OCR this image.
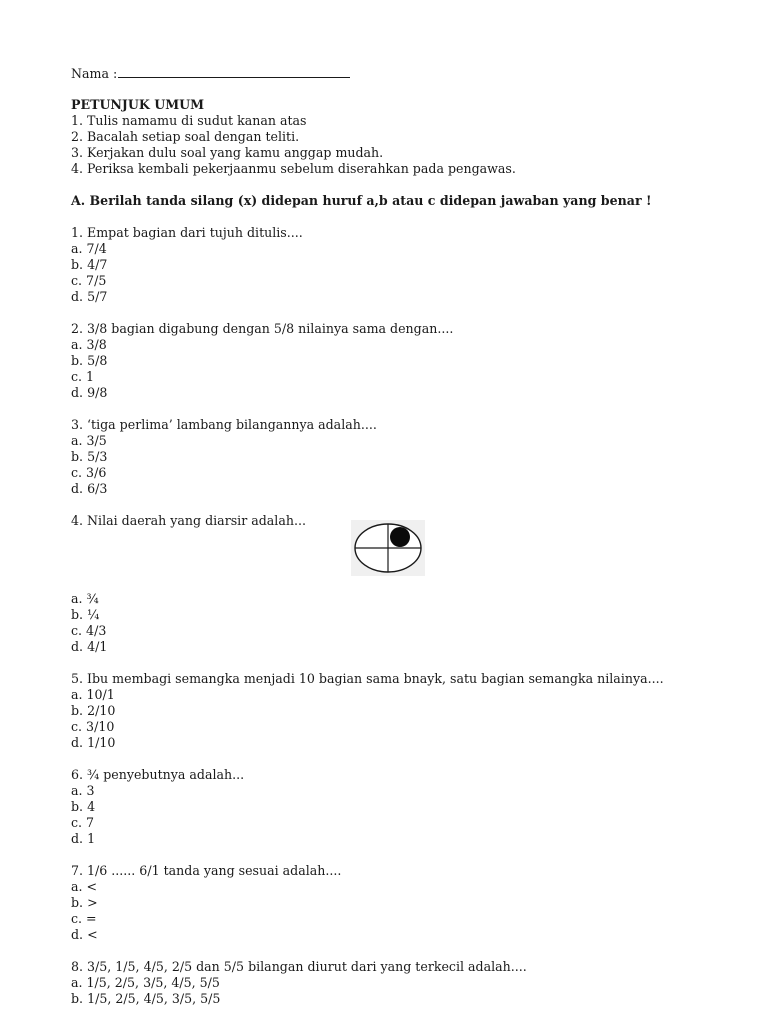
Nama :
PETUNJUK UMUM
1. Tulis namamu di sudut kanan atas
2. Bacalah setiap soal dengan teliti.
3. Kerjakan dulu soal yang kamu anggap mudah.
4. Periksa kembali pekerjaanmu sebelum diserahkan pada pengawas.
A. Berilah tanda silang (x) didepan huruf a,b atau c didepan jawaban yang benar !
1. Empat bagian dari tujuh ditulis....
a. 7/4
b. 4/7
c. 7/5
d. 5/7
2. 3/8 bagian digabung dengan 5/8 nilainya sama dengan....
a. 3/8
b. 5/8
c. 1
d. 9/8
3. ‘tiga perlima’ lambang bilangannya adalah....
a. 3/5
b. 5/3
c. 3/6
d. 6/3
4. Nilai daerah yang diarsir adalah...
a. ¾
b. ¼
c. 4/3
d. 4/1
5. Ibu membagi semangka menjadi 10 bagian sama bnayk, satu bagian semangka nilainya....
a. 10/1
b. 2/10
c. 3/10
d. 1/10
6. ¾ penyebutnya adalah...
a. 3
b. 4
c. 7
d. 1
7. 1/6 ...... 6/1 tanda yang sesuai adalah....
a. <
b. >
c. =
d. <
8. 3/5, 1/5, 4/5, 2/5 dan 5/5 bilangan diurut dari yang terkecil adalah....
a. 1/5, 2/5, 3/5, 4/5, 5/5
b. 1/5, 2/5, 4/5, 3/5, 5/5
